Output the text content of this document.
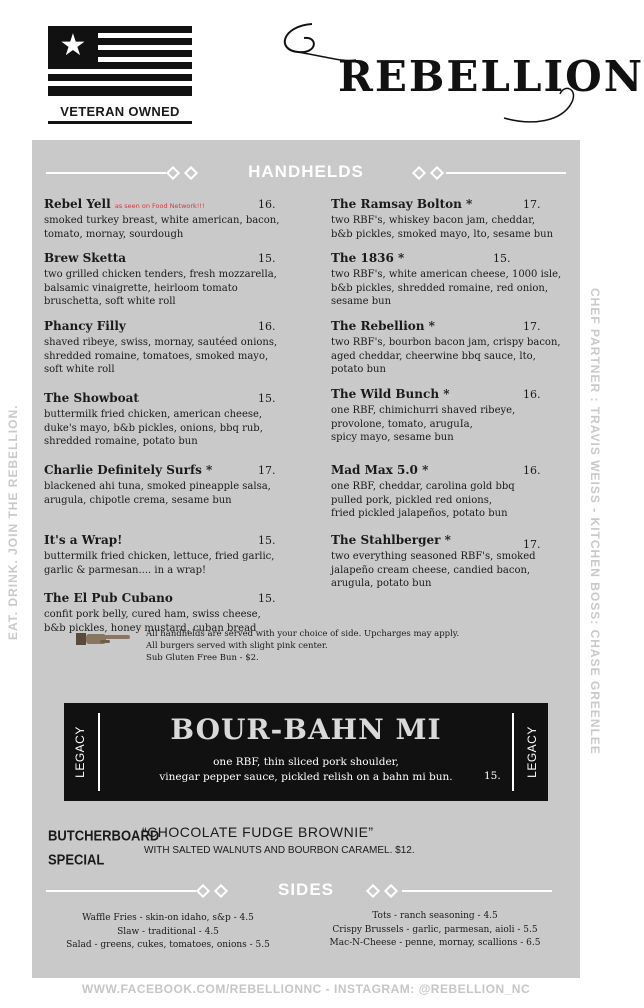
★
VETERAN OWNED
REBELLION
EAT. DRINK. JOIN THE REBELLION.	CHEF PARTNER : TRAVIS WEISS - KITCHEN BOSS: CHASE GREENLEE
HANDHELDS
Rebel Yell as seen on Food Network!!!	16.
smoked turkey breast, white american, bacon,
tomato, mornay, sourdough
Brew Sketta	15.
two grilled chicken tenders, fresh mozzarella,
balsamic vinaigrette, heirloom tomato
bruschetta, soft white roll
Phancy Filly	16.
shaved ribeye, swiss, mornay, sautéed onions,
shredded romaine, tomatoes, smoked mayo,
soft white roll
The Showboat	15.
buttermilk fried chicken, american cheese,
duke's mayo, b&b pickles, onions, bbq rub,
shredded romaine, potato bun
Charlie Definitely Surfs *	17.
blackened ahi tuna, smoked pineapple salsa,
arugula, chipotle crema, sesame bun
It's a Wrap!	15.
buttermilk fried chicken, lettuce, fried garlic,
garlic & parmesan.... in a wrap!
The El Pub Cubano	15.
confit pork belly, cured ham, swiss cheese,
b&b pickles, honey mustard, cuban bread
The Ramsay Bolton *	17.
two RBF's, whiskey bacon jam, cheddar,
b&b pickles, smoked mayo, lto, sesame bun
The 1836 *	15.
two RBF's, white american cheese, 1000 isle,
b&b pickles, shredded romaine, red onion,
sesame bun
The Rebellion *	17.
two RBF's, bourbon bacon jam, crispy bacon,
aged cheddar, cheerwine bbq sauce, lto,
potato bun
The Wild Bunch *	16.
one RBF, chimichurri shaved ribeye,
provolone, tomato, aruguIa,
spicy mayo, sesame bun
Mad Max 5.0 *	16.
one RBF, cheddar, carolina gold bbq
pulled pork, pickled red onions,
fried pickled jalapeños, potato bun
The Stahlberger *	17.
two everything seasoned RBF's, smoked
jalapeño cream cheese, candied bacon,
arugula, potato bun
All handhelds are served with your choice of side. Upcharges may apply.
All burgers served with slight pink center.
Sub Gluten Free Bun - $2.
LEGACY	LEGACY
BOUR-BAHN MI
one RBF, thin sliced pork shoulder,
vinegar pepper sauce, pickled relish on a bahn mi bun.	15.
BUTCHERBOARD
SPECIAL
“CHOCOLATE FUDGE BROWNIE”
WITH SALTED WALNUTS AND BOURBON CARAMEL. $12.
SIDES
Waffle Fries - skin-on idaho, s&p - 4.5
Slaw - traditional - 4.5
Salad - greens, cukes, tomatoes, onions - 5.5
Tots - ranch seasoning - 4.5
Crispy Brussels - garlic, parmesan, aioli - 5.5
Mac-N-Cheese - penne, mornay, scallions - 6.5
WWW.FACEBOOK.COM/REBELLIONNC - INSTAGRAM: @REBELLION_NC
